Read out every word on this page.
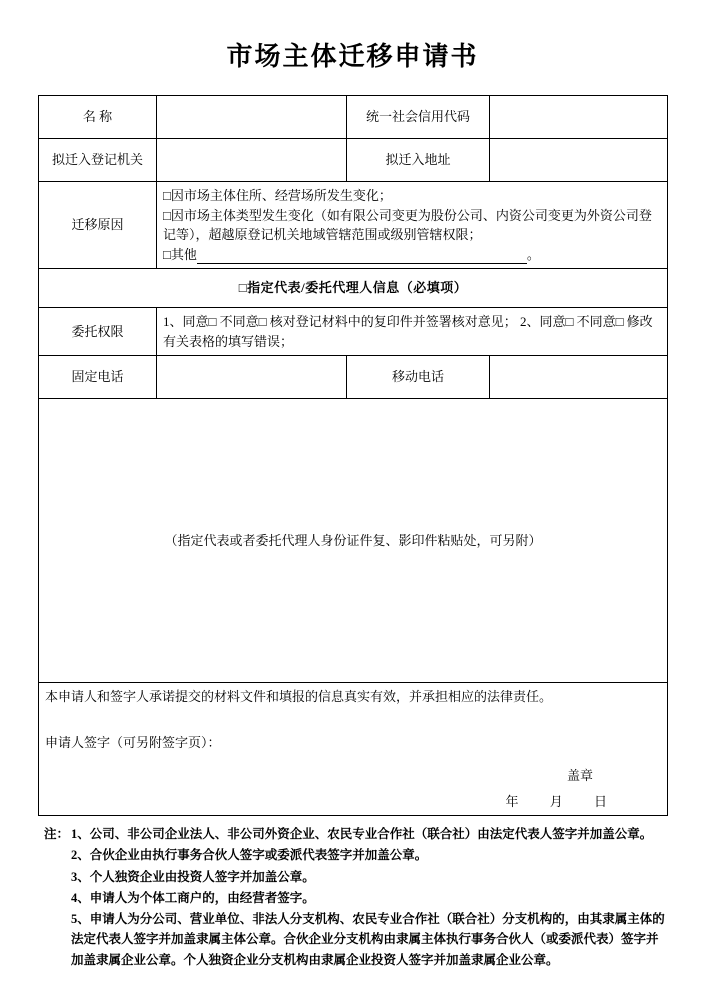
市场主体迁移申请书
名 称		统一社会信用代码	
拟迁入登记机关		拟迁入地址	
迁移原因	□因市场主体住所、经营场所发生变化；
□因市场主体类型发生变化（如有限公司变更为股份公司、内资公司变更为外资公司登记等），超越原登记机关地域管辖范围或级别管辖权限；
□其他 。		

□指定代表/委托代理人信息（必填项）			
委托权限	1、同意□ 不同意□ 核对登记材料中的复印件并签署核对意见； 2、同意□ 不同意□ 修改有关表格的填写错误；		
固定电话		移动电话	
（指定代表或者委托代理人身份证件复、影印件粘贴处，可另附）

本申请人和签字人承诺提交的材料文件和填报的信息真实有效，并承担相应的法律责任。

申请人签字（可另附签字页）：

盖章
年 月 日
注： 1、公司、非公司企业法人、非公司外资企业、农民专业合作社（联合社）由法定代表人签字并加盖公章。

2、合伙企业由执行事务合伙人签字或委派代表签字并加盖公章。

3、个人独资企业由投资人签字并加盖公章。

4、申请人为个体工商户的，由经营者签字。

5、申请人为分公司、营业单位、非法人分支机构、农民专业合作社（联合社）分支机构的，由其隶属主体的法定代表人签字并加盖隶属主体公章。合伙企业分支机构由隶属主体执行事务合伙人（或委派代表）签字并加盖隶属企业公章。个人独资企业分支机构由隶属企业投资人签字并加盖隶属企业公章。
